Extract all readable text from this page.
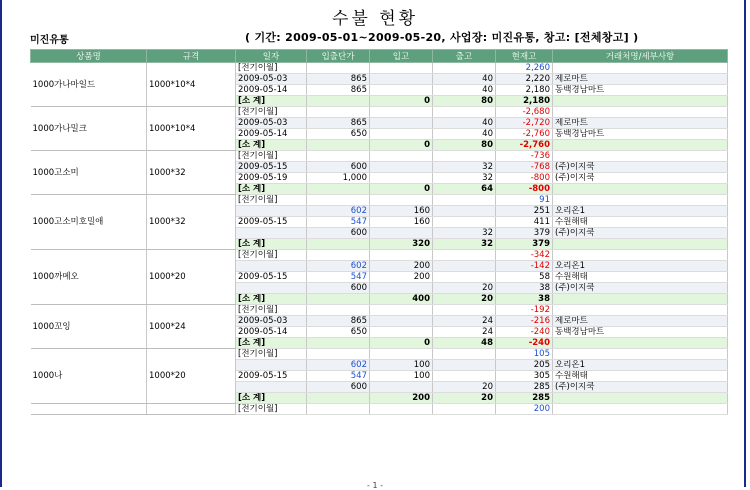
수불 현황
미진유통	( 기간: 2009-05-01~2009-05-20, 사업장: 미진유통, 창고: [전체창고] )
상품명	규격	일자	입출단가	입고	출고	현재고	거래처명/세부사항
1000가나마일드	1000*10*4	[전기이월]				2,260	
		2009-05-03	865		40	2,220	제로마트
		2009-05-14	865		40	2,180	동백경남마트
		[소 계]		0	80	2,180	
1000가나밀크	1000*10*4	[전기이월]				-2,680	
		2009-05-03	865		40	-2,720	제로마트
		2009-05-14	650		40	-2,760	동백경남마트
		[소 계]		0	80	-2,760	
1000고소미	1000*32	[전기이월]				-736	
		2009-05-15	600		32	-768	(주)이지쿡
		2009-05-19	1,000		32	-800	(주)이지쿡
		[소 계]		0	64	-800	
1000고소미호밀애	1000*32	[전기이월]				91	
			602	160		251	오리온1
		2009-05-15	547	160		411	수원해태
			600		32	379	(주)이지쿡
		[소 계]		320	32	379	
1000까메오	1000*20	[전기이월]				-342	
			602	200		-142	오리온1
		2009-05-15	547	200		58	수원해태
			600		20	38	(주)이지쿡
		[소 계]		400	20	38	
1000꼬잉	1000*24	[전기이월]				-192	
		2009-05-03	865		24	-216	제로마트
		2009-05-14	650		24	-240	동백경남마트
		[소 계]		0	48	-240	
1000나	1000*20	[전기이월]				105	
			602	100		205	오리온1
		2009-05-15	547	100		305	수원해태
			600		20	285	(주)이지쿡
		[소 계]		200	20	285	
		[전기이월]				200	
- 1 -
